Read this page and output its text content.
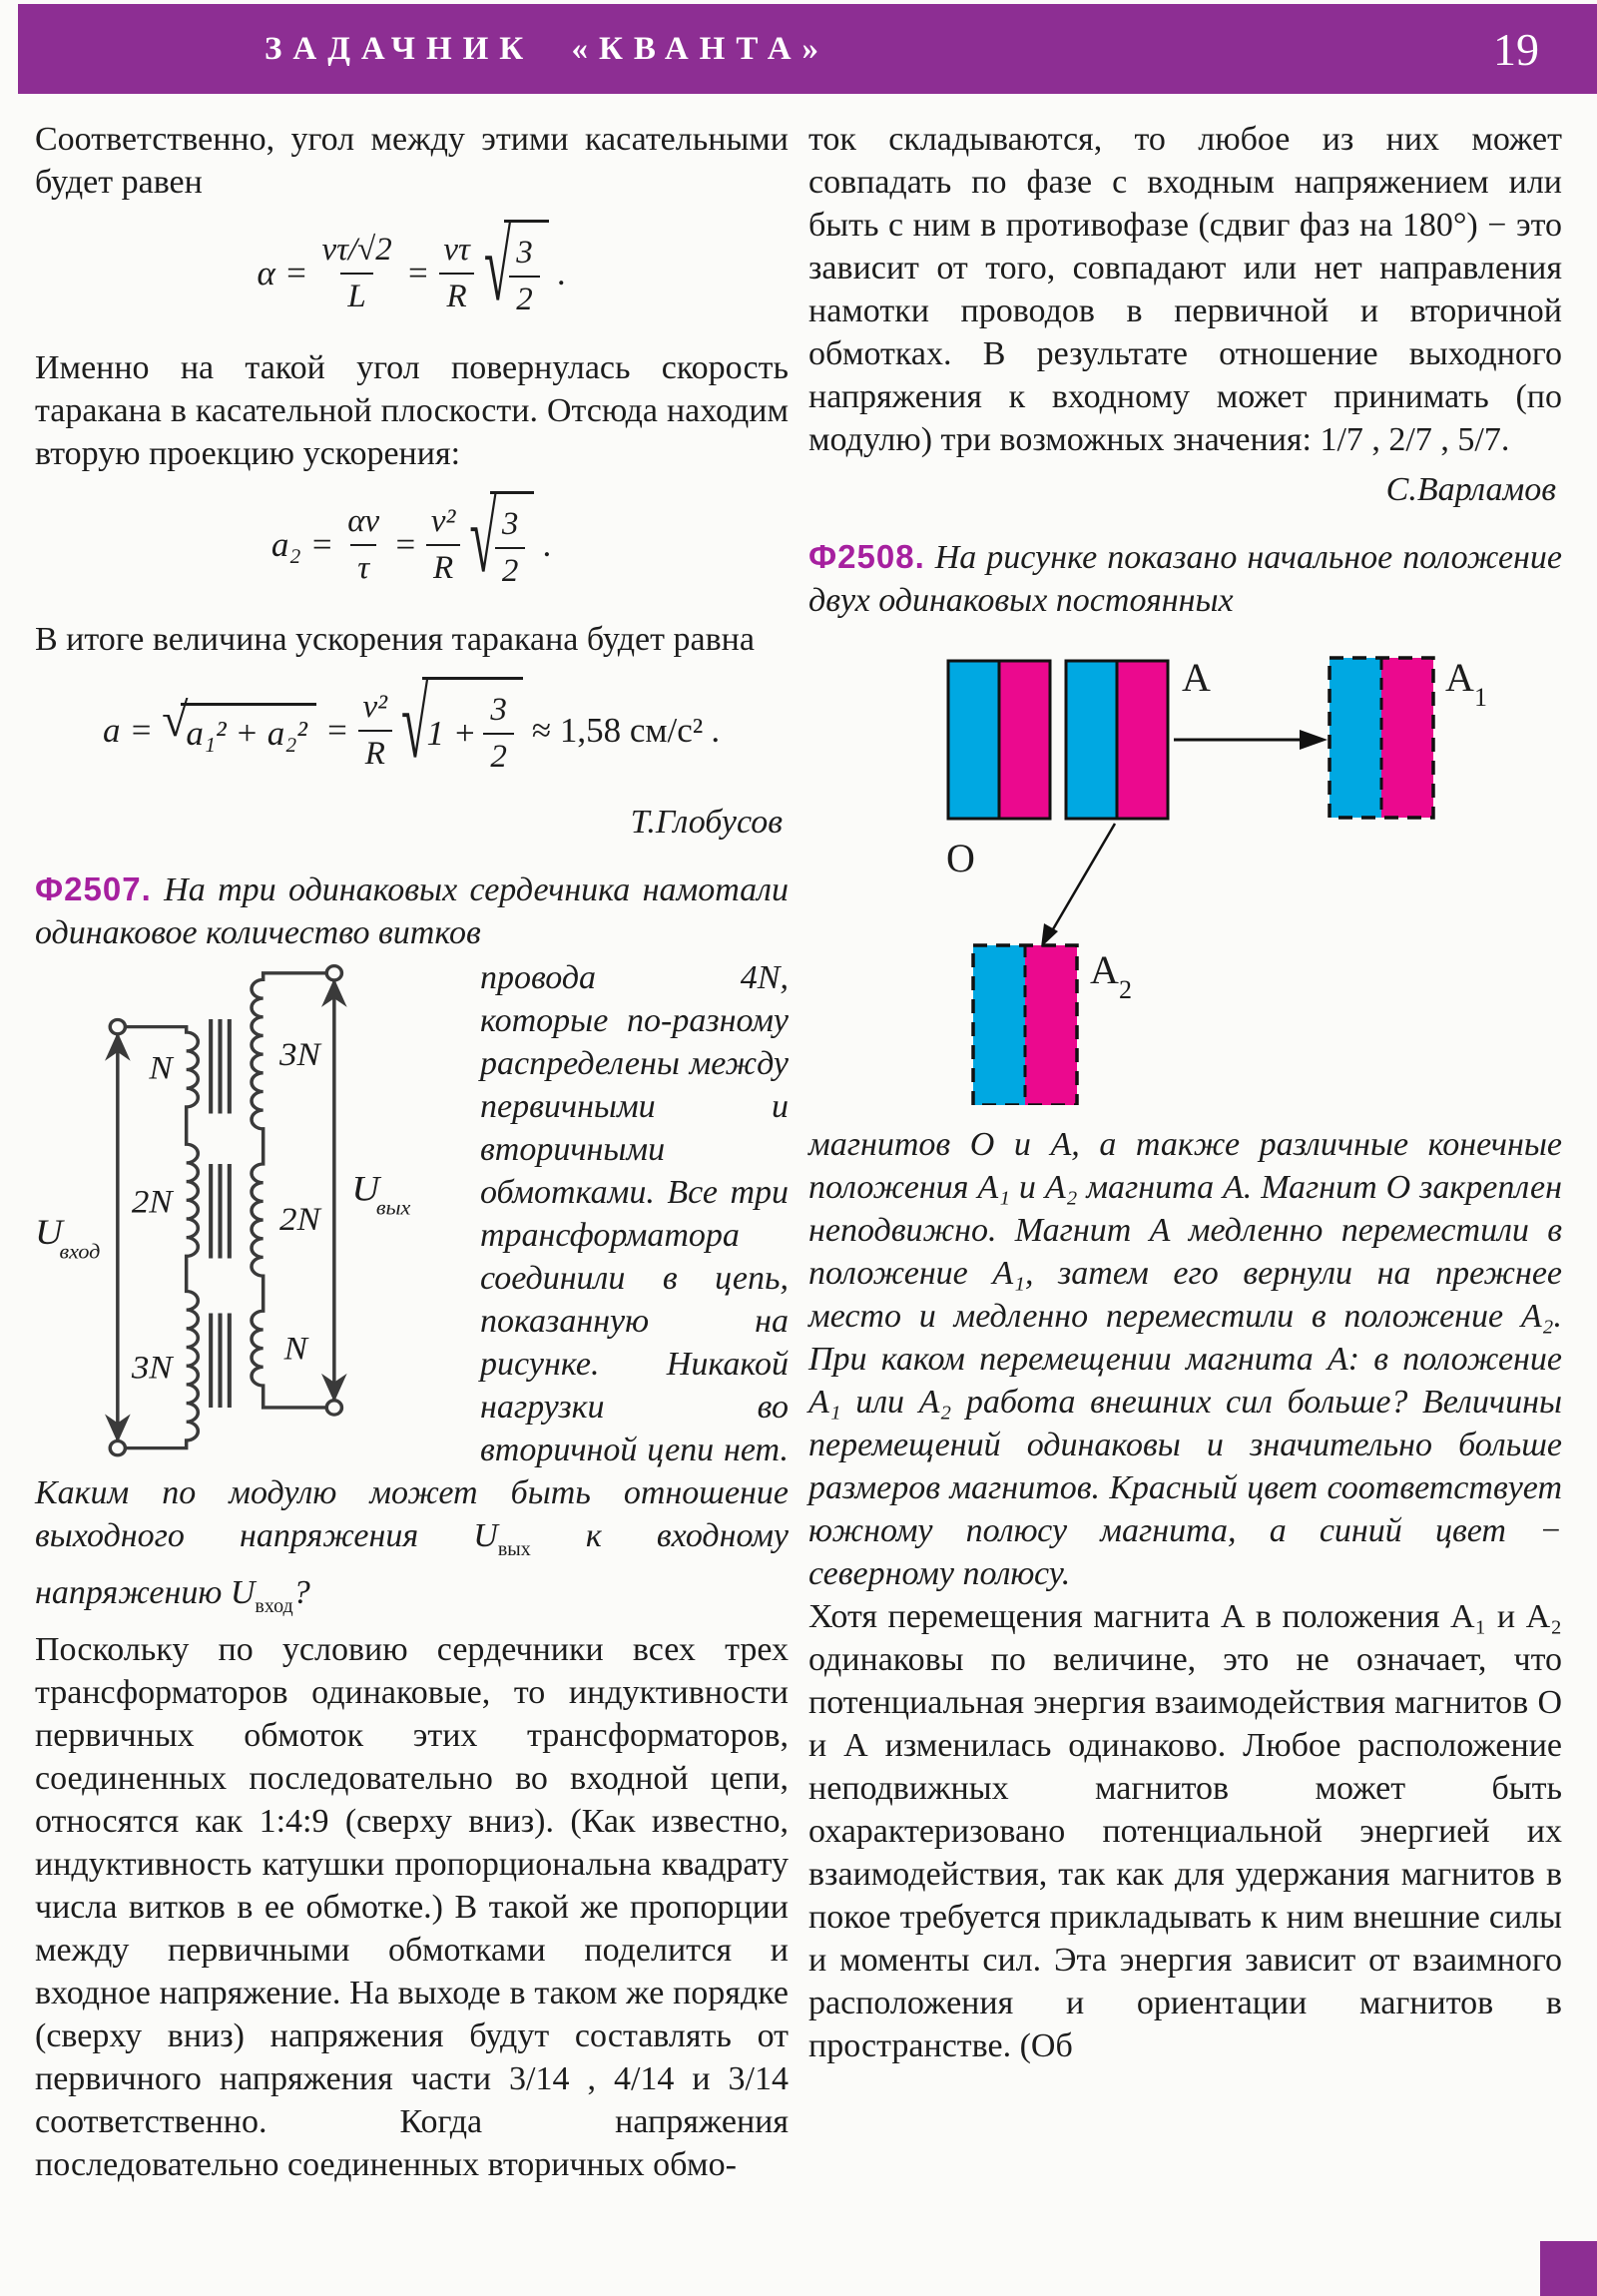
ЗАДАЧНИК «КВАНТА»	19

Соответственно, угол между этими касательными будет равен

$\alpha = \frac{v\tau/√2}{L} = \frac{v\tau}{R}$ √
$\frac{3}{2}$ .

Именно на такой угол повернулась скорость таракана в касательной плоскости. Отсюда находим вторую проекцию ускорения:

$a_2 = \frac{\alpha v}{\tau} = \frac{\text{v²}}{R}$ √
$\frac{3}{2}$ .

В итоге величина ускорения таракана будет равна

a = √
$a_1^2 + a_2^2 = \frac{\text{v²}}{R}$ √
$1 + \frac{3}{2} \approx 1,58$ см/с² .

Т.Глобусов

Ф2507. На три одинаковых сердечника намотали одинаковое количество витков

N
2N
3N
3N
2N
N
U
вход
U
вых
провода 4N, которые по-разному распределены между первичными и вторичными обмотками. Все три трансформатора соединили в цепь, показанную на рисунке. Никакой нагрузки во вторичной цепи нет. Каким по модулю может быть отношение выходного напряжения $U_{вых}$ к входному напряжению $U_{вход}$?

Поскольку по условию сердечники всех трех трансформаторов одинаковые, то индуктивности первичных обмоток этих трансформаторов, соединенных последовательно во входной цепи, относятся как 1:4:9 (сверху вниз). (Как известно, индуктивность катушки пропорциональна квадрату числа витков в ее обмотке.) В такой же пропорции между первичными обмотками поделится и входное напряжение. На выходе в таком же порядке (сверху вниз) напряжения будут составлять от первичного напряжения части 3/14 , 4/14 и 3/14 соответственно. Когда напряжения последовательно соединенных вторичных обмо-

ток складываются, то любое из них может совпадать по фазе с входным напряжением или быть с ним в противофазе (сдвиг фаз на 180°) − это зависит от того, совпадают или нет направления намотки проводов в первичной и вторичной обмотках. В результате отношение выходного напряжения к входному может принимать (по модулю) три возможных значения: 1/7 , 2/7 , 5/7.

С.Варламов

Ф2508. На рисунке показано начальное положение двух одинаковых постоянных

O
A	A 1
A 2

магнитов О и А, а также различные конечные положения А₁ и А₂ магнита А. Магнит О закреплен неподвижно. Магнит А медленно переместили в положение А₁, затем его вернули на прежнее место и медленно переместили в положение А₂. При каком перемещении магнита А: в положение А₁ или А₂ работа внешних сил больше? Величины перемещений одинаковы и значительно больше размеров магнитов. Красный цвет соответствует южному полюсу магнита, а синий цвет − северному полюсу.

Хотя перемещения магнита А в положения А₁ и А₂ одинаковы по величине, это не означает, что потенциальная энергия взаимодействия магнитов О и А изменилась одинаково. Любое расположение неподвижных магнитов может быть охарактеризовано потенциальной энергией их взаимодействия, так как для удержания магнитов в покое требуется прикладывать к ним внешние силы и моменты сил. Эта энергия зависит от взаимного расположения и ориентации магнитов в пространстве. (Об
